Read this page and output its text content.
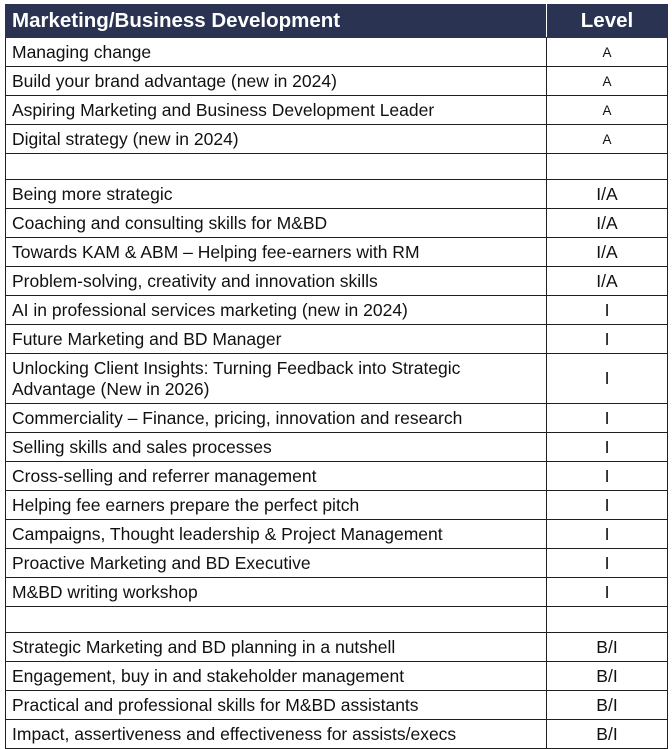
Marketing/Business Development	Level
Managing change	A
Build your brand advantage (new in 2024)	A
Aspiring Marketing and Business Development Leader	A
Digital strategy (new in 2024)	A

Being more strategic	I/A
Coaching and consulting skills for M&BD	I/A
Towards KAM & ABM – Helping fee-earners with RM	I/A
Problem-solving, creativity and innovation skills	I/A
AI in professional services marketing (new in 2024)	I
Future Marketing and BD Manager	I
Unlocking Client Insights: Turning Feedback into Strategic Advantage (New in 2026)	I
Commerciality – Finance, pricing, innovation and research	I
Selling skills and sales processes	I
Cross-selling and referrer management	I
Helping fee earners prepare the perfect pitch	I
Campaigns, Thought leadership & Project Management	I
Proactive Marketing and BD Executive	I
M&BD writing workshop	I

Strategic Marketing and BD planning in a nutshell	B/I
Engagement, buy in and stakeholder management	B/I
Practical and professional skills for M&BD assistants	B/I
Impact, assertiveness and effectiveness for assists/execs	B/I
